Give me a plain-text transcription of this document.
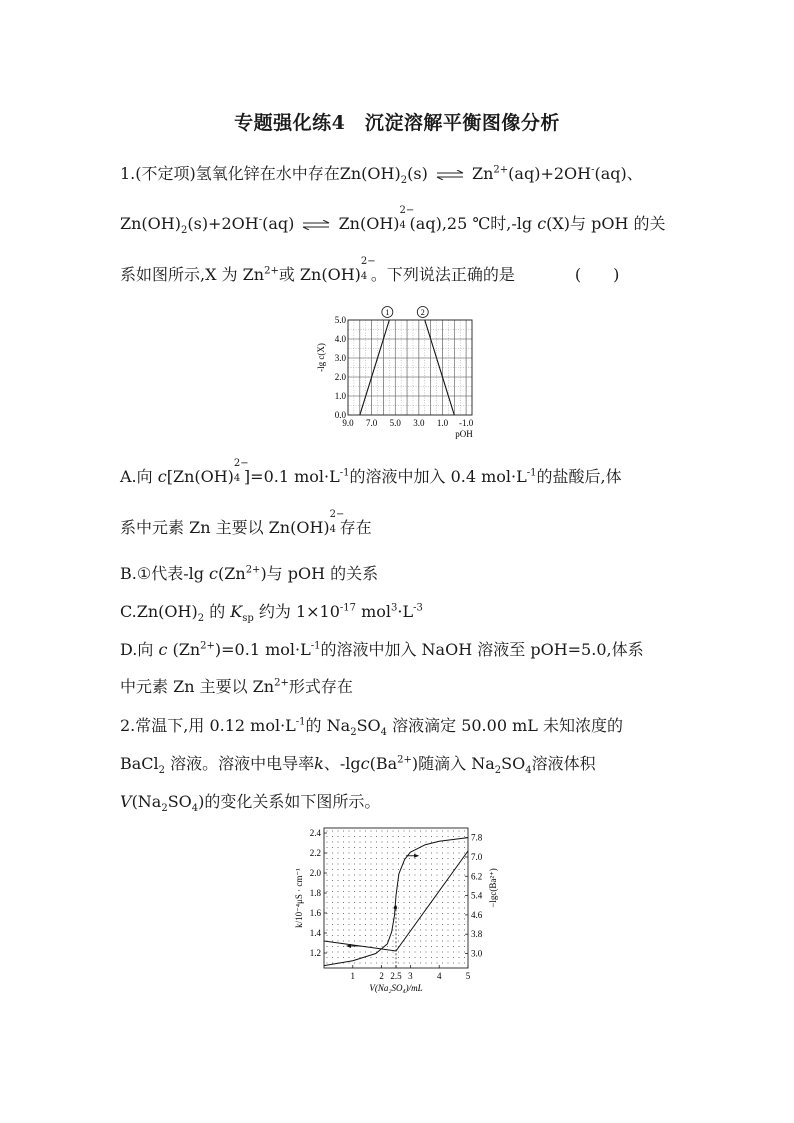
专题强化练4　沉淀溶解平衡图像分析
1.(不定项)氢氧化锌在水中存在$Zn(OH)_2(s)$ ⇌ $Zn^{2+}(aq)+2OH^-(aq)$、
$Zn(OH)_2(s)+2OH^-(aq)$ ⇌ Zn(OH)
2−
4 (aq),25 ℃时,-lg c(X)与 pOH 的关
系如图所示,X 为 $Zn^{2+}$或 Zn(OH)
2−
4 。下列说法正确的是	(　　)
0.0
1.0
2.0
3.0
4.0
5.0
9.0 7.0 5.0 3.0 1.0 -1.0
pOH
-lg c(X)
1	2
A.向 c[Zn(OH)
2−
4 ]=0.1 $mol\cdot L^{-1}$的溶液中加入 0.4 $mol\cdot L^{-1}$的盐酸后,体
系中元素 Zn 主要以 Zn(OH)
2−
4 存在
B.①代表-lg $c(Zn^{2+})$与 pOH 的关系
$C.Zn(OH)_2$ 的 $K_{sp}$ 约为 $1\times 10^{-17}$ $mol^3\cdot L^{-3}$
D.向 c $(Zn^{2+})=0.1$ $mol\cdot L^{-1}$的溶液中加入 NaOH 溶液至 pOH=5.0,体系
中元素 Zn 主要以 $Zn^{2+}$形式存在
2.常温下,用 0.12 $mol\cdot L^{-1}$的 $Na_2SO_4$ 溶液滴定 50.00 mL 未知浓度的
BaCl$_2$ 溶液。溶液中电导率k、$-\lg c(Ba^{2+})$随滴入 $Na_2SO_4$溶液体积
$V(Na_2SO_4)$的变化关系如下图所示。
1.2
1.4
1.6
1.8
2.0
2.2
2.4
3.0
3.8
4.6
5.4
6.2
7.0
7.8
1	2 2.5 3	4	5
V(Na₂SO₄)/mL
k/10⁻⁴μS · cm⁻¹	−lgc(Ba²⁺)
